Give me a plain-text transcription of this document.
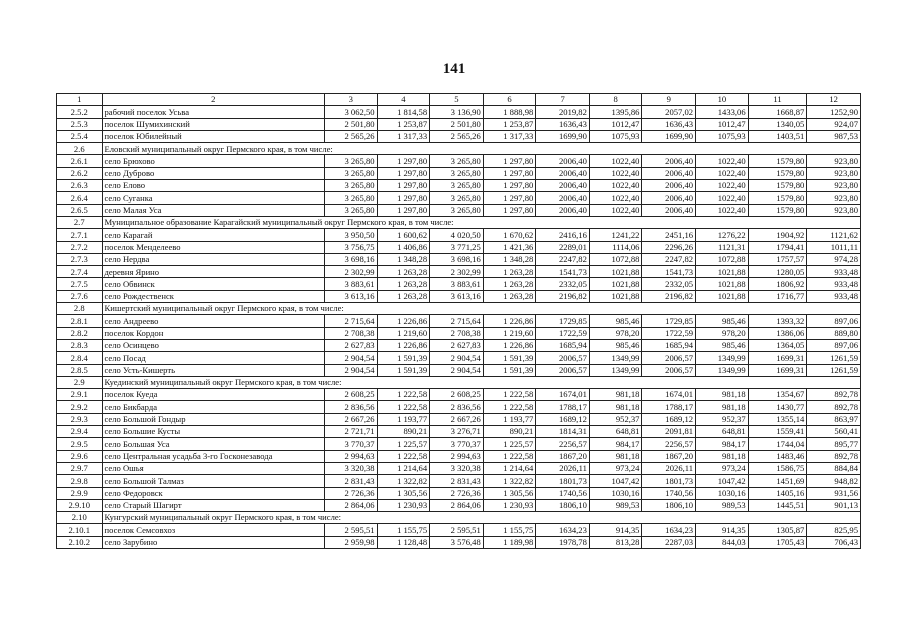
141
1	2	3	4	5	6	7	8	9	10	11	12
2.5.2	рабочий поселок Усьва	3 062,50	1 814,58	3 136,90	1 888,98	2019,82	1395,86	2057,02	1433,06	1668,87	1252,90
2.5.3	поселок Шумихинский	2 501,80	1 253,87	2 501,80	1 253,87	1636,43	1012,47	1636,43	1012,47	1340,05	924,07
2.5.4	поселок Юбилейный	2 565,26	1 317,33	2 565,26	1 317,33	1699,90	1075,93	1699,90	1075,93	1403,51	987,53
2.6	Еловский муниципальный округ Пермского края, в том числе:										
2.6.1	село Брюхово	3 265,80	1 297,80	3 265,80	1 297,80	2006,40	1022,40	2006,40	1022,40	1579,80	923,80
2.6.2	село Дуброво	3 265,80	1 297,80	3 265,80	1 297,80	2006,40	1022,40	2006,40	1022,40	1579,80	923,80
2.6.3	село Елово	3 265,80	1 297,80	3 265,80	1 297,80	2006,40	1022,40	2006,40	1022,40	1579,80	923,80
2.6.4	село Суганка	3 265,80	1 297,80	3 265,80	1 297,80	2006,40	1022,40	2006,40	1022,40	1579,80	923,80
2.6.5	село Малая Уса	3 265,80	1 297,80	3 265,80	1 297,80	2006,40	1022,40	2006,40	1022,40	1579,80	923,80
2.7	Муниципальное образование Карагайский муниципальный округ Пермского края, в том числе:										
2.7.1	село Карагай	3 950,50	1 600,62	4 020,50	1 670,62	2416,16	1241,22	2451,16	1276,22	1904,92	1121,62
2.7.2	поселок Менделеево	3 756,75	1 406,86	3 771,25	1 421,36	2289,01	1114,06	2296,26	1121,31	1794,41	1011,11
2.7.3	село Нердва	3 698,16	1 348,28	3 698,16	1 348,28	2247,82	1072,88	2247,82	1072,88	1757,57	974,28
2.7.4	деревня Ярино	2 302,99	1 263,28	2 302,99	1 263,28	1541,73	1021,88	1541,73	1021,88	1280,05	933,48
2.7.5	село Обвинск	3 883,61	1 263,28	3 883,61	1 263,28	2332,05	1021,88	2332,05	1021,88	1806,92	933,48
2.7.6	село Рождественск	3 613,16	1 263,28	3 613,16	1 263,28	2196,82	1021,88	2196,82	1021,88	1716,77	933,48
2.8	Кишертский муниципальный округ Пермского края, в том числе:										
2.8.1	село Андреево	2 715,64	1 226,86	2 715,64	1 226,86	1729,85	985,46	1729,85	985,46	1393,32	897,06
2.8.2	поселок Кордон	2 708,38	1 219,60	2 708,38	1 219,60	1722,59	978,20	1722,59	978,20	1386,06	889,80
2.8.3	село Осинцево	2 627,83	1 226,86	2 627,83	1 226,86	1685,94	985,46	1685,94	985,46	1364,05	897,06
2.8.4	село Посад	2 904,54	1 591,39	2 904,54	1 591,39	2006,57	1349,99	2006,57	1349,99	1699,31	1261,59
2.8.5	село Усть-Кишерть	2 904,54	1 591,39	2 904,54	1 591,39	2006,57	1349,99	2006,57	1349,99	1699,31	1261,59
2.9	Куединский муниципальный округ Пермского края, в том числе:										
2.9.1	поселок Куеда	2 608,25	1 222,58	2 608,25	1 222,58	1674,01	981,18	1674,01	981,18	1354,67	892,78
2.9.2	село Бикбарда	2 836,56	1 222,58	2 836,56	1 222,58	1788,17	981,18	1788,17	981,18	1430,77	892,78
2.9.3	село Большой Гондыр	2 667,26	1 193,77	2 667,26	1 193,77	1689,12	952,37	1689,12	952,37	1355,14	863,97
2.9.4	село Большие Кусты	2 721,71	890,21	3 276,71	890,21	1814,31	648,81	2091,81	648,81	1559,41	560,41
2.9.5	село Большая Уса	3 770,37	1 225,57	3 770,37	1 225,57	2256,57	984,17	2256,57	984,17	1744,04	895,77
2.9.6	село Центральная усадьба 3-го Госконезавода	2 994,63	1 222,58	2 994,63	1 222,58	1867,20	981,18	1867,20	981,18	1483,46	892,78
2.9.7	село Ошья	3 320,38	1 214,64	3 320,38	1 214,64	2026,11	973,24	2026,11	973,24	1586,75	884,84
2.9.8	село Большой Талмаз	2 831,43	1 322,82	2 831,43	1 322,82	1801,73	1047,42	1801,73	1047,42	1451,69	948,82
2.9.9	село Федоровск	2 726,36	1 305,56	2 726,36	1 305,56	1740,56	1030,16	1740,56	1030,16	1405,16	931,56
2.9.10	село Старый Шагирт	2 864,06	1 230,93	2 864,06	1 230,93	1806,10	989,53	1806,10	989,53	1445,51	901,13
2.10	Кунгурский муниципальный округ Пермского края, в том числе:										
2.10.1	поселок Семсовхоз	2 595,51	1 155,75	2 595,51	1 155,75	1634,23	914,35	1634,23	914,35	1305,87	825,95
2.10.2	село Зарубино	2 959,98	1 128,48	3 576,48	1 189,98	1978,78	813,28	2287,03	844,03	1705,43	706,43
